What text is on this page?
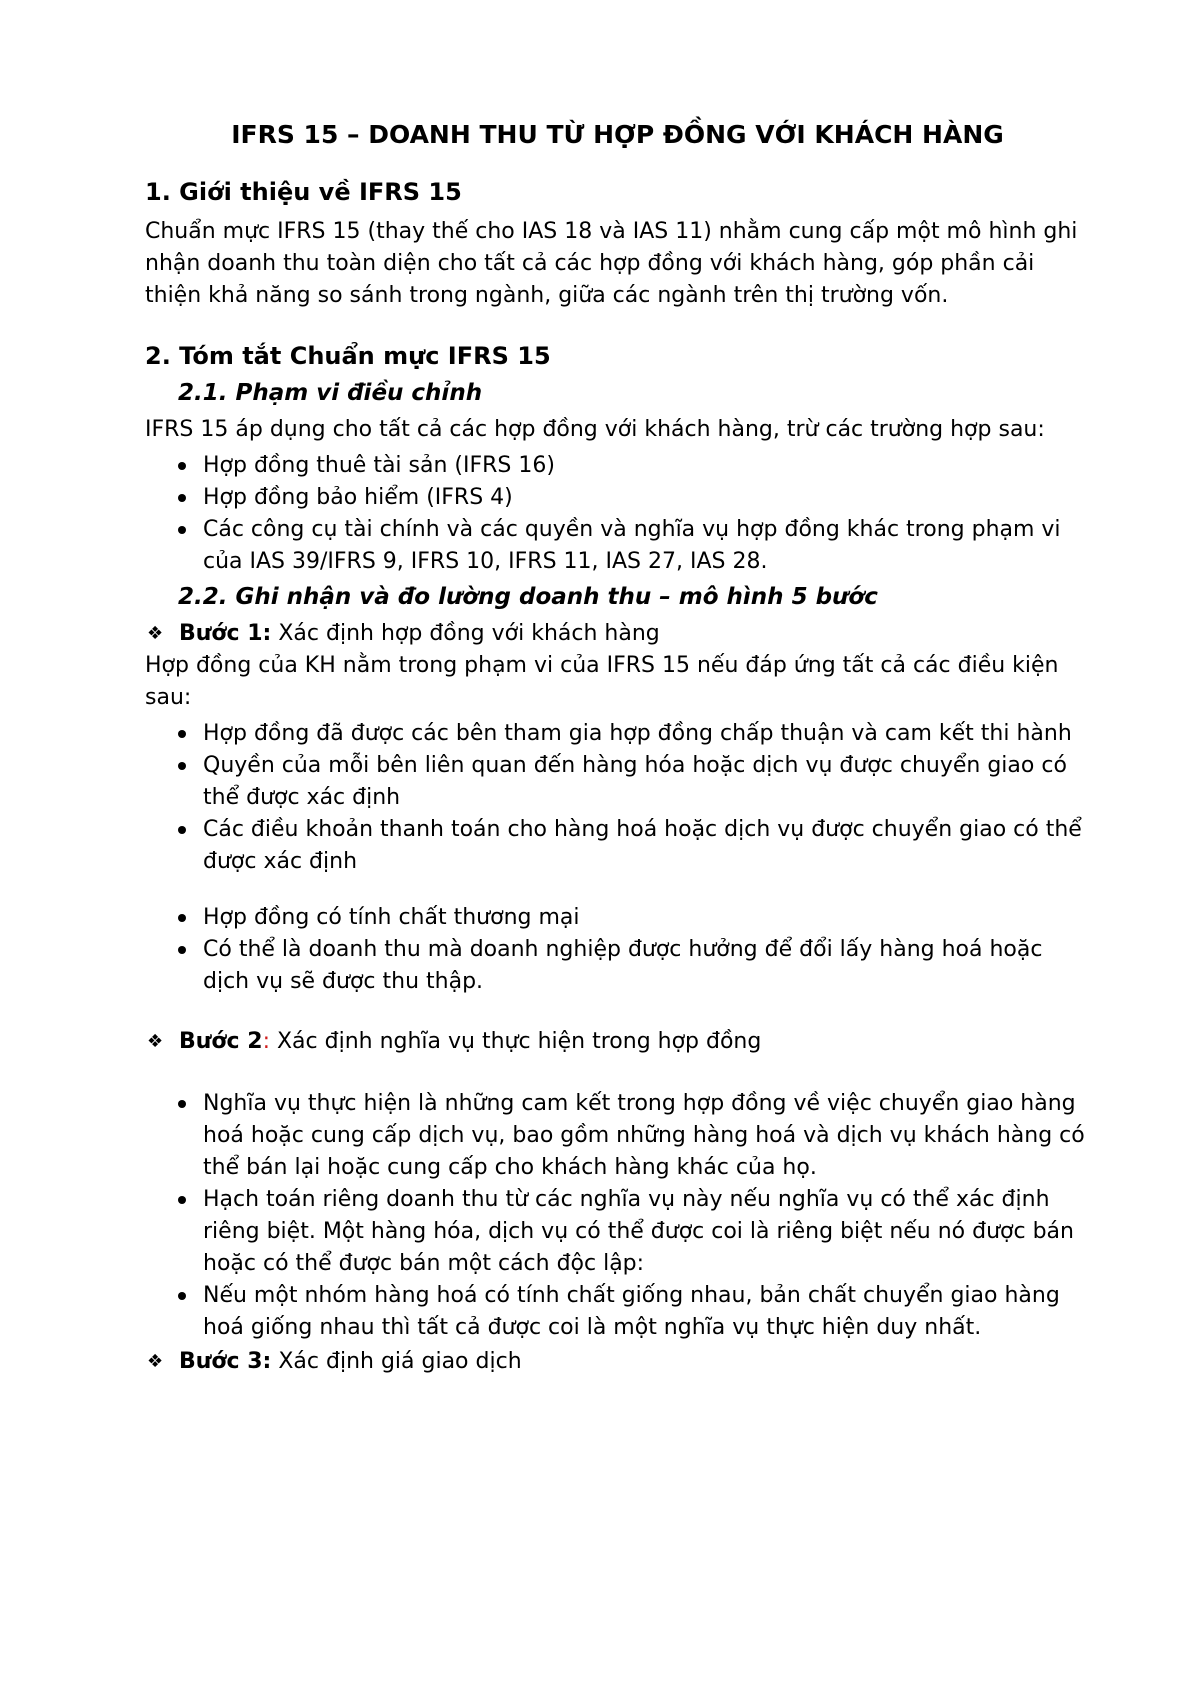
IFRS 15 – DOANH THU TỪ HỢP ĐỒNG VỚI KHÁCH HÀNG
1. Giới thiệu về IFRS 15

Chuẩn mực IFRS 15 (thay thế cho IAS 18 và IAS 11) nhằm cung cấp một mô hình ghi nhận doanh thu toàn diện cho tất cả các hợp đồng với khách hàng, góp phần cải thiện khả năng so sánh trong ngành, giữa các ngành trên thị trường vốn.

2. Tóm tắt Chuẩn mực IFRS 15
2.1. Phạm vi điều chỉnh

IFRS 15 áp dụng cho tất cả các hợp đồng với khách hàng, trừ các trường hợp sau:

Hợp đồng thuê tài sản (IFRS 16)
Hợp đồng bảo hiểm (IFRS 4)
Các công cụ tài chính và các quyền và nghĩa vụ hợp đồng khác trong phạm vi của IAS 39/IFRS 9, IFRS 10, IFRS 11, IAS 27, IAS 28.
2.2. Ghi nhận và đo lường doanh thu – mô hình 5 bước
❖ Bước 1: Xác định hợp đồng với khách hàng

Hợp đồng của KH nằm trong phạm vi của IFRS 15 nếu đáp ứng tất cả các điều kiện sau:

Hợp đồng đã được các bên tham gia hợp đồng chấp thuận và cam kết thi hành
Quyền của mỗi bên liên quan đến hàng hóa hoặc dịch vụ được chuyển giao có thể được xác định
Các điều khoản thanh toán cho hàng hoá hoặc dịch vụ được chuyển giao có thể được xác định
Hợp đồng có tính chất thương mại
Có thể là doanh thu mà doanh nghiệp được hưởng để đổi lấy hàng hoá hoặc dịch vụ sẽ được thu thập.
❖ Bước 2: Xác định nghĩa vụ thực hiện trong hợp đồng
Nghĩa vụ thực hiện là những cam kết trong hợp đồng về việc chuyển giao hàng hoá hoặc cung cấp dịch vụ, bao gồm những hàng hoá và dịch vụ khách hàng có thể bán lại hoặc cung cấp cho khách hàng khác của họ.
Hạch toán riêng doanh thu từ các nghĩa vụ này nếu nghĩa vụ có thể xác định riêng biệt. Một hàng hóa, dịch vụ có thể được coi là riêng biệt nếu nó được bán hoặc có thể được bán một cách độc lập:
Nếu một nhóm hàng hoá có tính chất giống nhau, bản chất chuyển giao hàng hoá giống nhau thì tất cả được coi là một nghĩa vụ thực hiện duy nhất.
❖ Bước 3: Xác định giá giao dịch
